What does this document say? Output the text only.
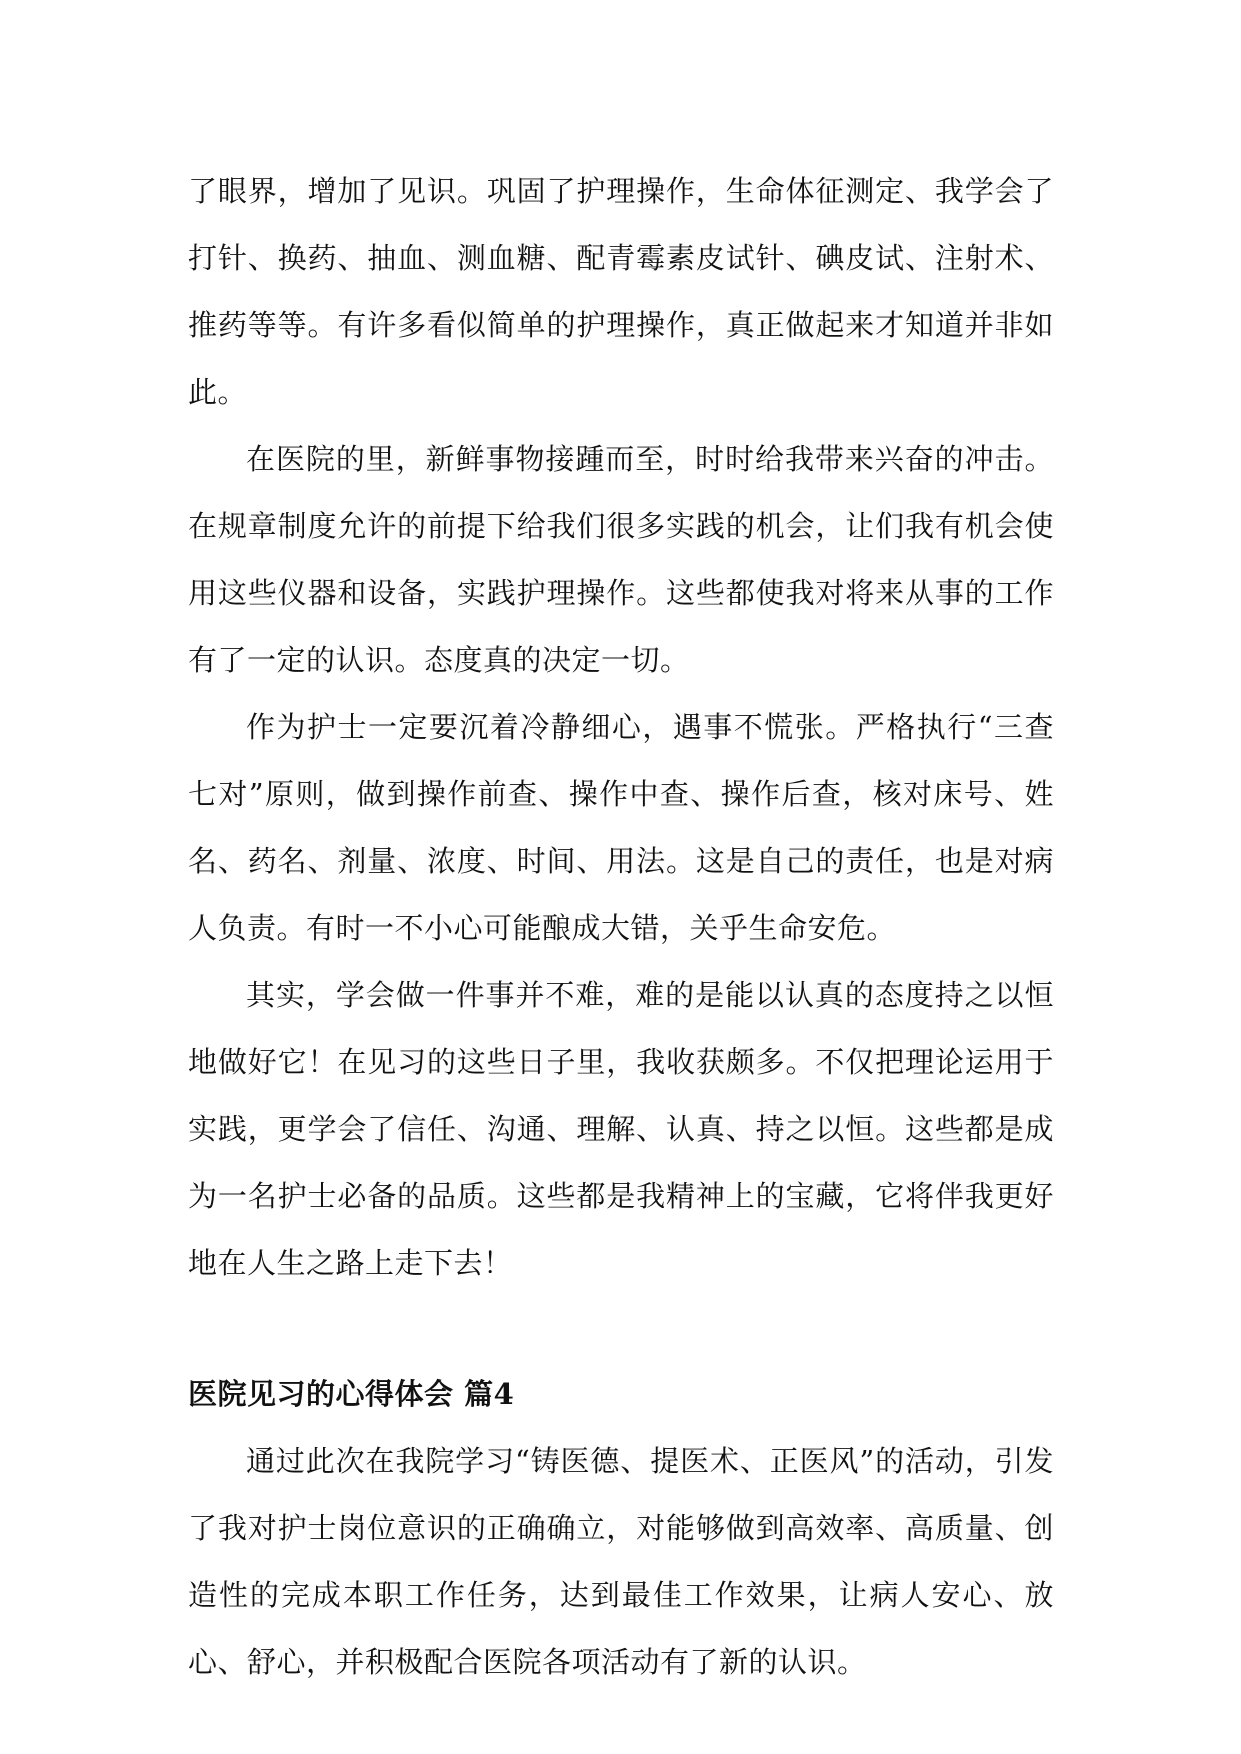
了眼界，增加了见识。巩固了护理操作，生命体征测定、我学会了打针、换药、抽血、测血糖、配青霉素皮试针、碘皮试、注射术、推药等等。有许多看似简单的护理操作，真正做起来才知道并非如此。

在医院的里，新鲜事物接踵而至，时时给我带来兴奋的冲击。在规章制度允许的前提下给我们很多实践的机会，让们我有机会使用这些仪器和设备，实践护理操作。这些都使我对将来从事的工作有了一定的认识。态度真的决定一切。

作为护士一定要沉着冷静细心，遇事不慌张。严格执行“三查七对”原则，做到操作前查、操作中查、操作后查，核对床号、姓名、药名、剂量、浓度、时间、用法。这是自己的责任，也是对病人负责。有时一不小心可能酿成大错，关乎生命安危。

其实，学会做一件事并不难，难的是能以认真的态度持之以恒地做好它！在见习的这些日子里，我收获颇多。不仅把理论运用于实践，更学会了信任、沟通、理解、认真、持之以恒。这些都是成为一名护士必备的品质。这些都是我精神上的宝藏，它将伴我更好地在人生之路上走下去！

医院见习的心得体会 篇4

通过此次在我院学习“铸医德、提医术、正医风”的活动，引发了我对护士岗位意识的正确确立，对能够做到高效率、高质量、创造性的完成本职工作任务，达到最佳工作效果，让病人安心、放心、舒心，并积极配合医院各项活动有了新的认识。
